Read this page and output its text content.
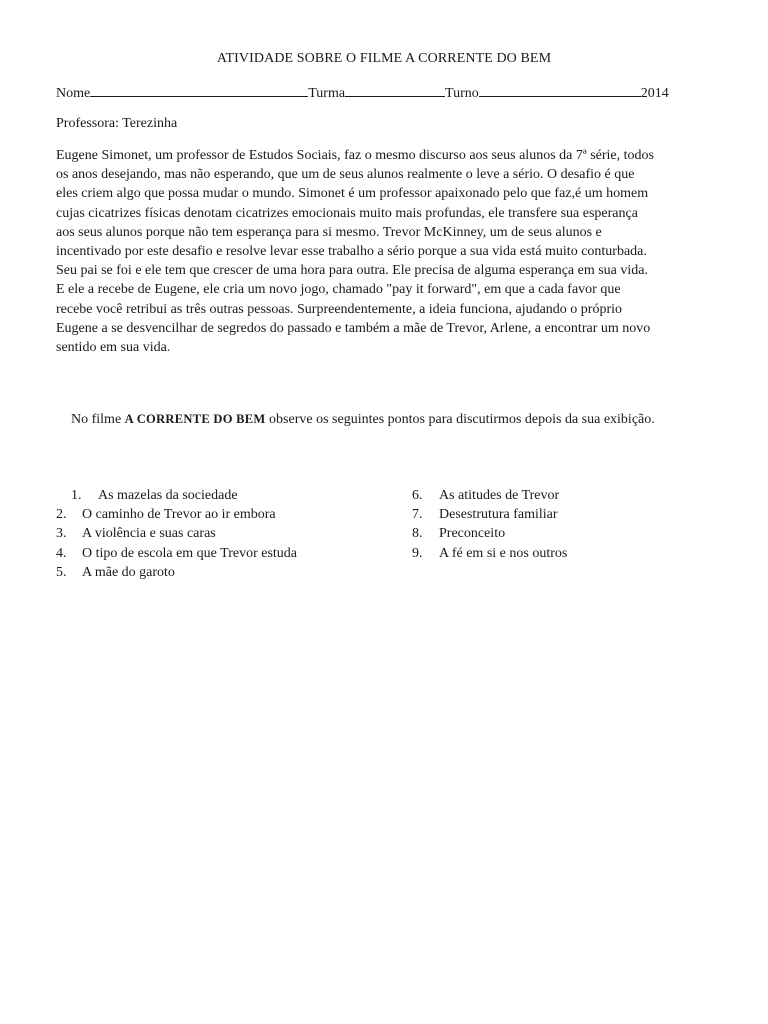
ATIVIDADE SOBRE O FILME A CORRENTE DO BEM
Nome	Turma	Turno	2014
Professora: Terezinha
Eugene Simonet, um professor de Estudos Sociais, faz o mesmo discurso aos seus alunos da 7ª série, todos
os anos desejando, mas não esperando, que um de seus alunos realmente o leve a sério. O desafio é que
eles criem algo que possa mudar o mundo. Simonet é um professor apaixonado pelo que faz,é um homem
cujas cicatrizes físicas denotam cicatrizes emocionais muito mais profundas, ele transfere sua esperança
aos seus alunos porque não tem esperança para si mesmo. Trevor McKinney, um de seus alunos e
incentivado por este desafio e resolve levar esse trabalho a sério porque a sua vida está muito conturbada.
Seu pai se foi e ele tem que crescer de uma hora para outra. Ele precisa de alguma esperança em sua vida.
E ele a recebe de Eugene, ele cria um novo jogo, chamado "pay it forward", em que a cada favor que
recebe você retribui as três outras pessoas. Surpreendentemente, a ideia funciona, ajudando o próprio
Eugene a se desvencilhar de segredos do passado e também a mãe de Trevor, Arlene, a encontrar um novo
sentido em sua vida.
No filme A CORRENTE DO BEM observe os seguintes pontos para discutirmos depois da sua exibição.
1. As mazelas da sociedade
2. O caminho de Trevor ao ir embora
3. A violência e suas caras
4. O tipo de escola em que Trevor estuda
5. A mãe do garoto
6. As atitudes de Trevor
7. Desestrutura familiar
8. Preconceito
9. A fé em si e nos outros
